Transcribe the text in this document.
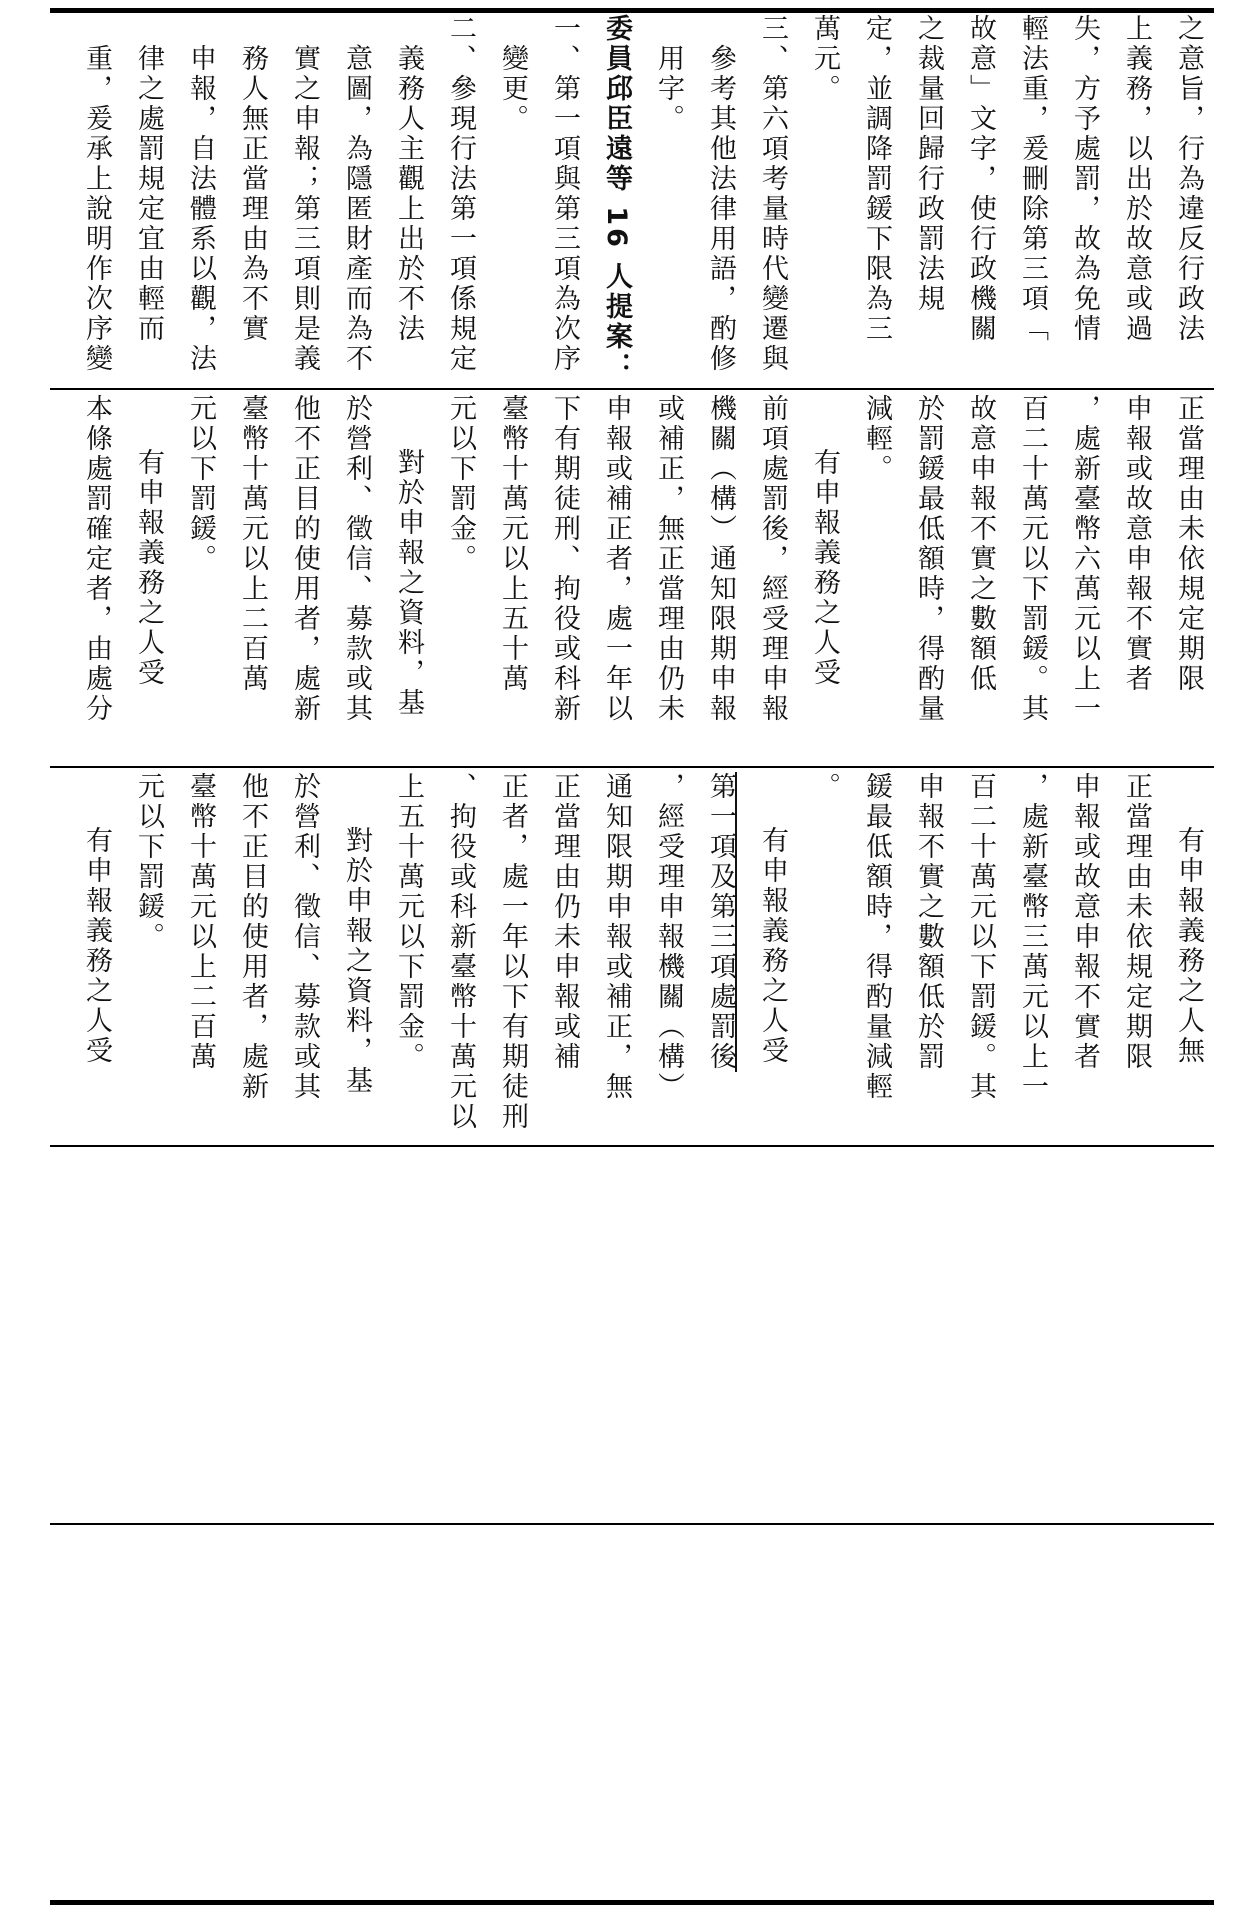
之意旨，行為違反行政法
上義務，以出於故意或過
失，方予處罰，故為免情
輕法重，爰刪除第三項「
故意」文字，使行政機關
之裁量回歸行政罰法規
定，並調降罰鍰下限為三
萬元。
三、第六項考量時代變遷與
參考其他法律用語，酌修
用字。
委員邱臣遠等 16 人提案：
一、第一項與第三項為次序
變更。
二、參現行法第一項係規定
義務人主觀上出於不法
意圖，為隱匿財產而為不
實之申報；第三項則是義
務人無正當理由為不實
申報，自法體系以觀，法
律之處罰規定宜由輕而
重，爰承上說明作次序變
正當理由未依規定期限
申報或故意申報不實者
，處新臺幣六萬元以上一
百二十萬元以下罰鍰。其
故意申報不實之數額低
於罰鍰最低額時，得酌量
減輕。
有申報義務之人受
前項處罰後，經受理申報
機關（構）通知限期申報
或補正，無正當理由仍未
申報或補正者，處一年以
下有期徒刑、拘役或科新
臺幣十萬元以上五十萬
元以下罰金。
對於申報之資料，基
於營利、徵信、募款或其
他不正目的使用者，處新
臺幣十萬元以上二百萬
元以下罰鍰。
有申報義務之人受
本條處罰確定者，由處分
有申報義務之人無
正當理由未依規定期限
申報或故意申報不實者
，處新臺幣三萬元以上一
百二十萬元以下罰鍰。其
申報不實之數額低於罰
鍰最低額時，得酌量減輕
。
有申報義務之人受
第一項及第三項處罰後
，經受理申報機關（構）
通知限期申報或補正，無
正當理由仍未申報或補
正者，處一年以下有期徒刑
、拘役或科新臺幣十萬元以
上五十萬元以下罰金。
對於申報之資料，基
於營利、徵信、募款或其
他不正目的使用者，處新
臺幣十萬元以上二百萬
元以下罰鍰。
有申報義務之人受
